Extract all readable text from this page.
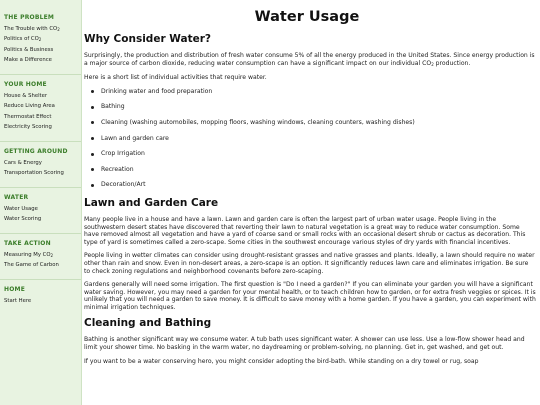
THE PROBLEM
The Trouble with $CO_2$
Politics of $CO_2$
Politics & Business
Make a Difference
YOUR HOME
House & Shelter
Reduce Living Area
Thermostat Effect
Electricity Scoring
GETTING AROUND
Cars & Energy
Transportation Scoring
WATER
Water Usage
Water Scoring
TAKE ACTION
Measuring My $CO_2$
The Game of Carbon
HOME
Start Here
Water Usage
Why Consider Water?

Surprisingly, the production and distribution of fresh water consume 5% of all the energy produced in the United States. Since energy production is a major source of carbon dioxide, reducing water consumption can have a significant impact on our individual $CO_2$ production.

Here is a short list of individual activities that require water.

Drinking water and food preparation
Bathing
Cleaning (washing automobiles, mopping floors, washing windows, cleaning counters, washing dishes)
Lawn and garden care
Crop Irrigation
Recreation
Decoration/Art
Lawn and Garden Care

Many people live in a house and have a lawn. Lawn and garden care is often the largest part of urban water usage. People living in the southwestern desert states have discovered that reverting their lawn to natural vegetation is a great way to reduce water consumption. Some have removed almost all vegetation and have a yard of coarse sand or small rocks with an occasional desert shrub or cactus as decoration. This type of yard is sometimes called a zero-scape. Some cities in the southwest encourage various styles of dry yards with financial incentives.

People living in wetter climates can consider using drought-resistant grasses and native grasses and plants. Ideally, a lawn should require no water other than rain and snow. Even in non-desert areas, a zero-scape is an option. It significantly reduces lawn care and eliminates irrigation. Be sure to check zoning regulations and neighborhood covenants before zero-scaping.

Gardens generally will need some irrigation. The first question is "Do I need a garden?" If you can eliminate your garden you will have a significant water saving. However, you may need a garden for your mental health, or to teach children how to garden, or for extra fresh veggies or spices. It is unlikely that you will need a garden to save money. It is difficult to save money with a home garden. If you have a garden, you can experiment with minimal irrigation techniques.

Cleaning and Bathing

Bathing is another significant way we consume water. A tub bath uses significant water. A shower can use less. Use a low-flow shower head and limit your shower time. No basking in the warm water, no daydreaming or problem-solving, no planning. Get in, get washed, and get out.

If you want to be a water conserving hero, you might consider adopting the bird-bath. While standing on a dry towel or rug, soap
